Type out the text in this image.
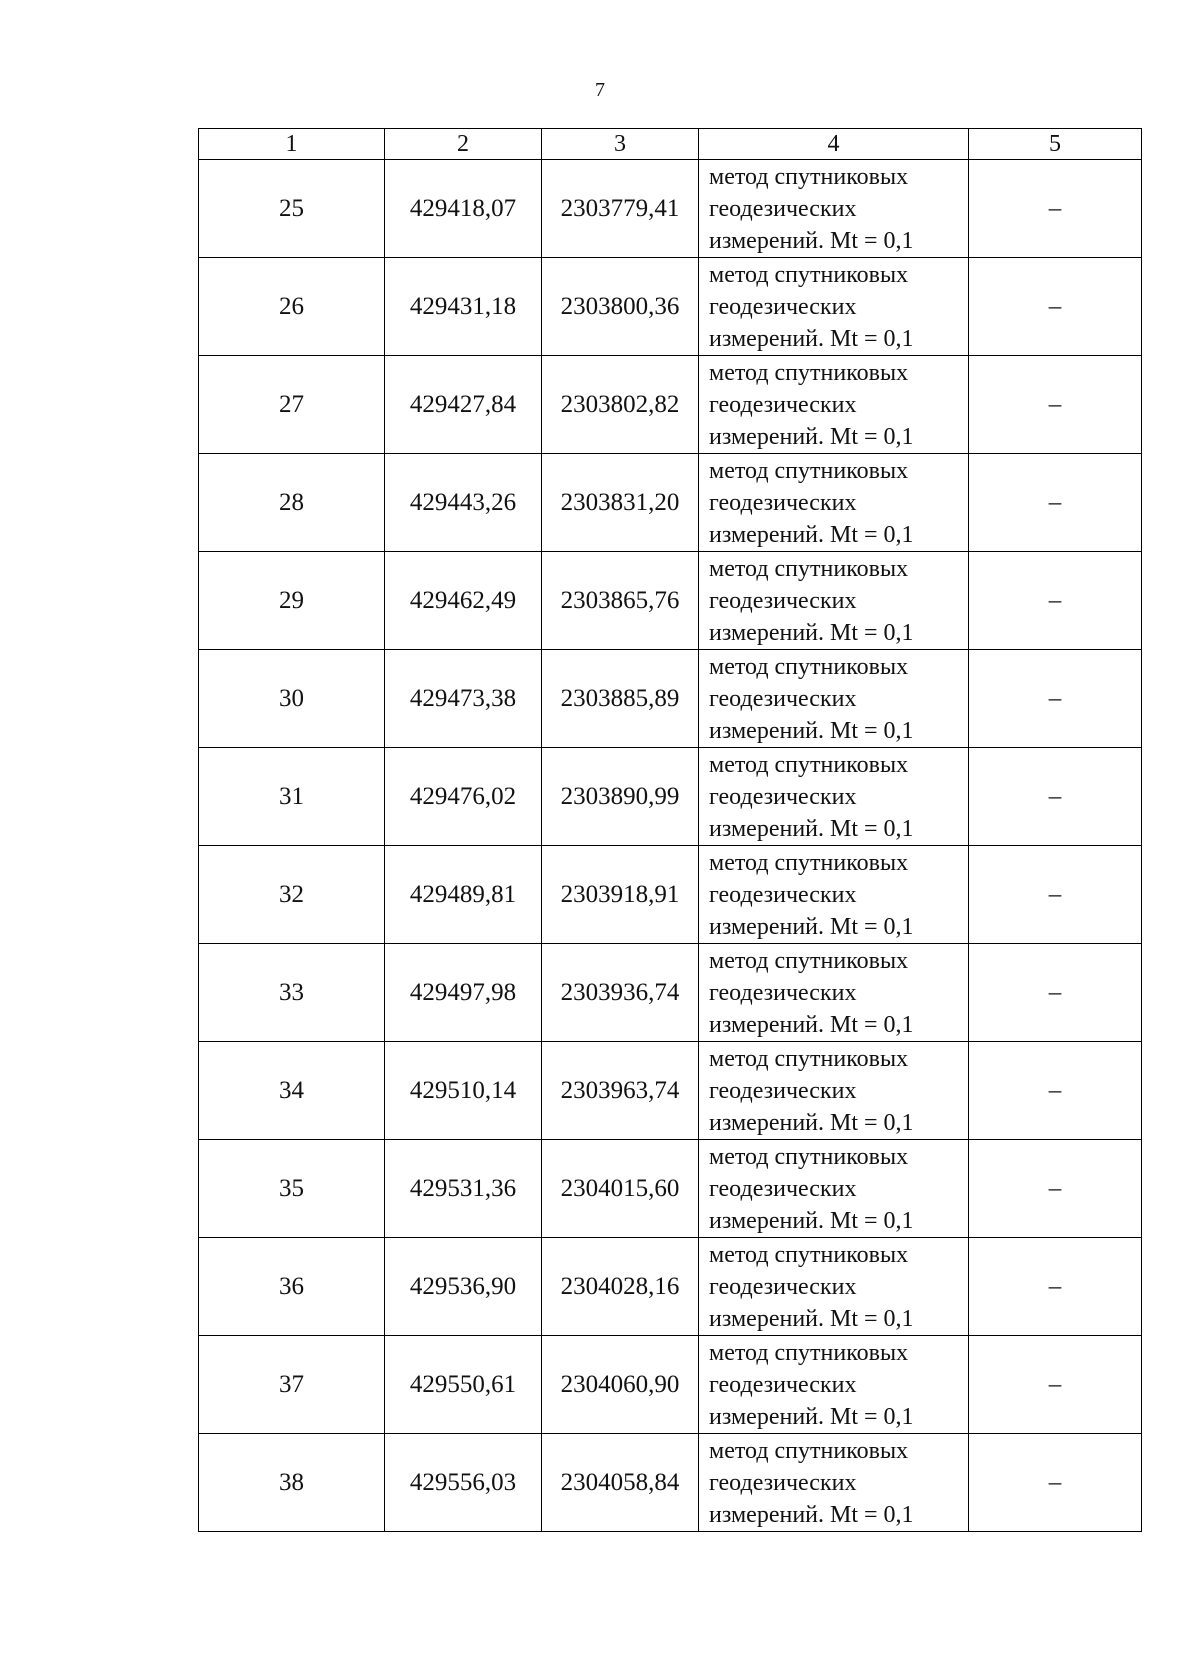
7
1	2	3	4	5
25	429418,07	2303779,41	метод спутниковых
геодезических
измерений. Mt = 0,1	–
26	429431,18	2303800,36	метод спутниковых
геодезических
измерений. Mt = 0,1	–
27	429427,84	2303802,82	метод спутниковых
геодезических
измерений. Mt = 0,1	–
28	429443,26	2303831,20	метод спутниковых
геодезических
измерений. Mt = 0,1	–
29	429462,49	2303865,76	метод спутниковых
геодезических
измерений. Mt = 0,1	–
30	429473,38	2303885,89	метод спутниковых
геодезических
измерений. Mt = 0,1	–
31	429476,02	2303890,99	метод спутниковых
геодезических
измерений. Mt = 0,1	–
32	429489,81	2303918,91	метод спутниковых
геодезических
измерений. Mt = 0,1	–
33	429497,98	2303936,74	метод спутниковых
геодезических
измерений. Mt = 0,1	–
34	429510,14	2303963,74	метод спутниковых
геодезических
измерений. Mt = 0,1	–
35	429531,36	2304015,60	метод спутниковых
геодезических
измерений. Mt = 0,1	–
36	429536,90	2304028,16	метод спутниковых
геодезических
измерений. Mt = 0,1	–
37	429550,61	2304060,90	метод спутниковых
геодезических
измерений. Mt = 0,1	–
38	429556,03	2304058,84	метод спутниковых
геодезических
измерений. Mt = 0,1	–
